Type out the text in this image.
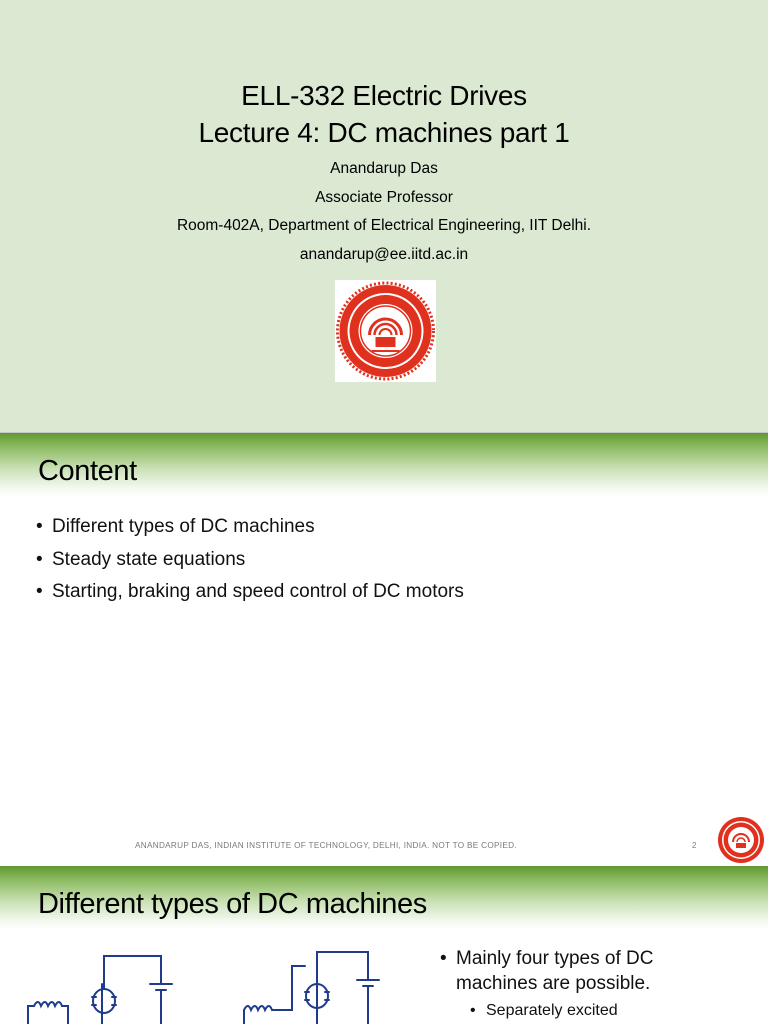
ELL-332 Electric Drives
Lecture 4: DC machines part 1
Anandarup Das
Associate Professor
Room-402A, Department of Electrical Engineering, IIT Delhi.
anandarup@ee.iitd.ac.in
Content
• Different types of DC machines
• Steady state equations
• Starting, braking and speed control of DC motors
ANANDARUP DAS, INDIAN INSTITUTE OF TECHNOLOGY, DELHI, INDIA. NOT TO BE COPIED.	2
Different types of DC machines
• Mainly four types of DC
machines are possible.
• Separately excited
